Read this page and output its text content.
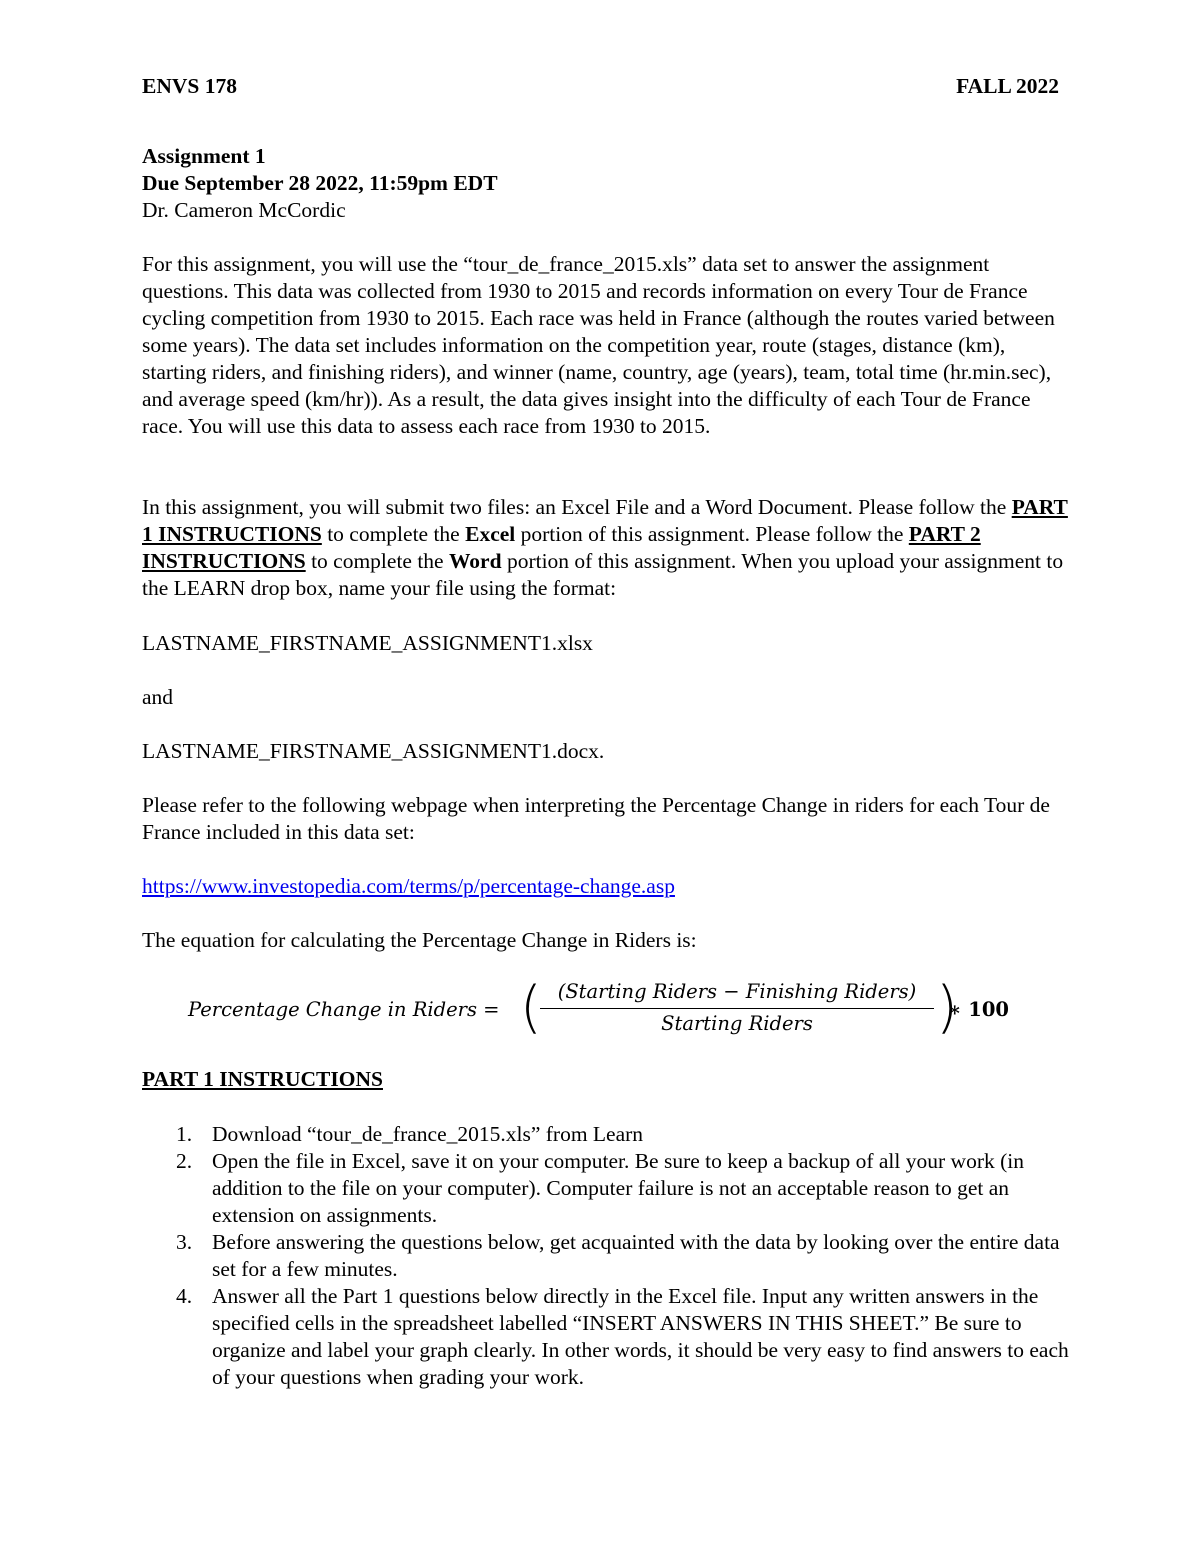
ENVS 178	FALL 2022
Assignment 1
Due September 28 2022, 11:59pm EDT
Dr. Cameron McCordic

For this assignment, you will use the “tour_de_france_2015.xls” data set to answer the assignment questions. This data was collected from 1930 to 2015 and records information on every Tour de France cycling competition from 1930 to 2015. Each race was held in France (although the routes varied between some years). The data set includes information on the competition year, route (stages, distance (km), starting riders, and finishing riders), and winner (name, country, age (years), team, total time (hr.min.sec), and average speed (km/hr)). As a result, the data gives insight into the difficulty of each Tour de France race. You will use this data to assess each race from 1930 to 2015.

In this assignment, you will submit two files: an Excel File and a Word Document. Please follow the PART 1 INSTRUCTIONS to complete the Excel portion of this assignment. Please follow the PART 2 INSTRUCTIONS to complete the Word portion of this assignment. When you upload your assignment to the LEARN drop box, name your file using the format:

LASTNAME_FIRSTNAME_ASSIGNMENT1.xlsx
and
LASTNAME_FIRSTNAME_ASSIGNMENT1.docx.

Please refer to the following webpage when interpreting the Percentage Change in riders for each Tour de France included in this data set:

https://www.investopedia.com/terms/p/percentage-change.asp
The equation for calculating the Percentage Change in Riders is:
Percentage Change in Riders = ( (Starting Riders − Finishing Riders)
Starting Riders	)
∗ 100
PART 1 INSTRUCTIONS
1. Download “tour_de_france_2015.xls” from Learn
2. Open the file in Excel, save it on your computer. Be sure to keep a backup of all your work (in addition to the file on your computer). Computer failure is not an acceptable reason to get an extension on assignments.
3. Before answering the questions below, get acquainted with the data by looking over the entire data set for a few minutes.
4. Answer all the Part 1 questions below directly in the Excel file. Input any written answers in the specified cells in the spreadsheet labelled “INSERT ANSWERS IN THIS SHEET.” Be sure to organize and label your graph clearly. In other words, it should be very easy to find answers to each of your questions when grading your work.
